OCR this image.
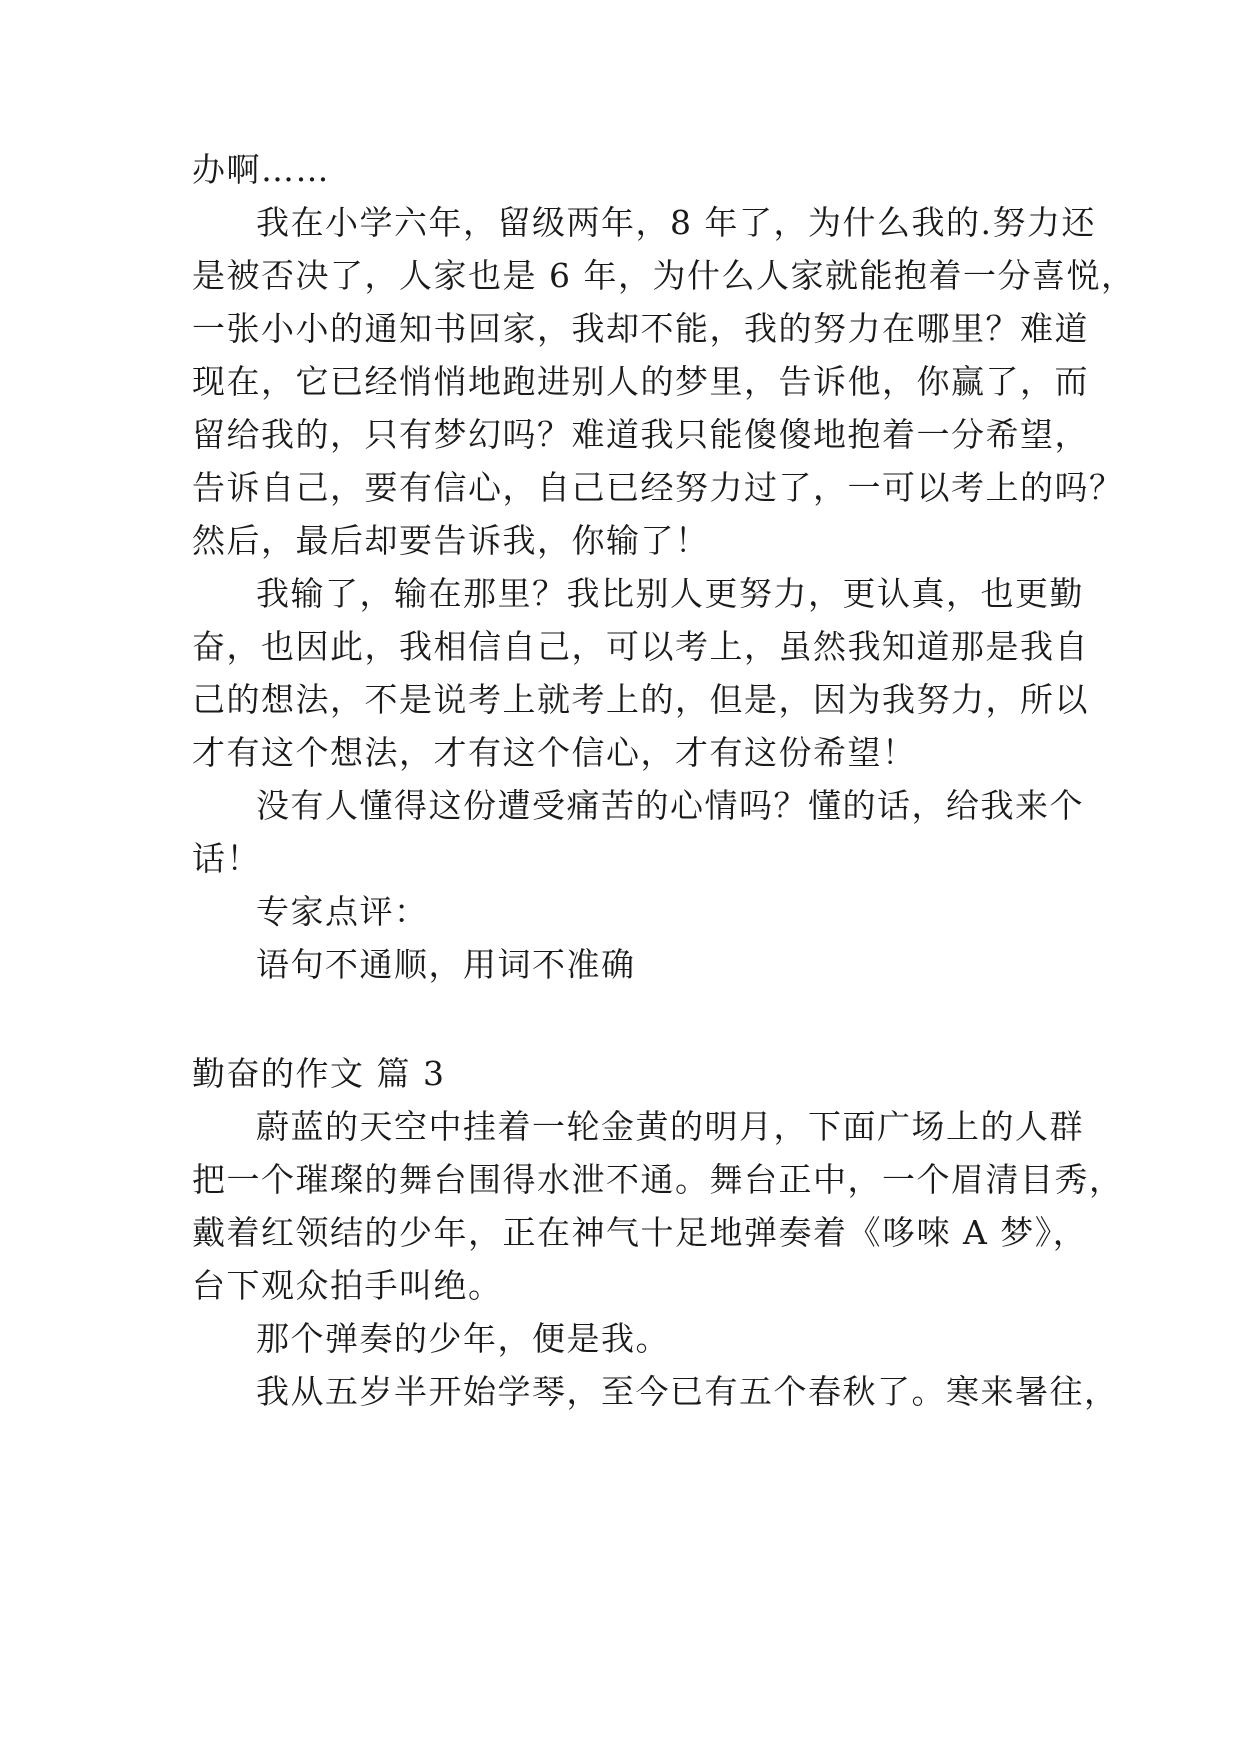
办啊……
我在小学六年，留级两年，8 年了，为什么我的.努力还
是被否决了，人家也是 6 年，为什么人家就能抱着一分喜悦，
一张小小的通知书回家，我却不能，我的努力在哪里？难道
现在，它已经悄悄地跑进别人的梦里，告诉他，你赢了，而
留给我的，只有梦幻吗？难道我只能傻傻地抱着一分希望，
告诉自己，要有信心，自己已经努力过了，一可以考上的吗？
然后，最后却要告诉我，你输了！
我输了，输在那里？我比别人更努力，更认真，也更勤
奋，也因此，我相信自己，可以考上，虽然我知道那是我自
己的想法，不是说考上就考上的，但是，因为我努力，所以
才有这个想法，才有这个信心，才有这份希望！
没有人懂得这份遭受痛苦的心情吗？懂的话，给我来个
话！
专家点评：
语句不通顺，用词不准确
勤奋的作文 篇 3
蔚蓝的天空中挂着一轮金黄的明月，下面广场上的人群
把一个璀璨的舞台围得水泄不通。舞台正中，一个眉清目秀，
戴着红领结的少年，正在神气十足地弹奏着《哆唻 A 梦》，
台下观众拍手叫绝。
那个弹奏的少年，便是我。
我从五岁半开始学琴，至今已有五个春秋了。寒来暑往，
